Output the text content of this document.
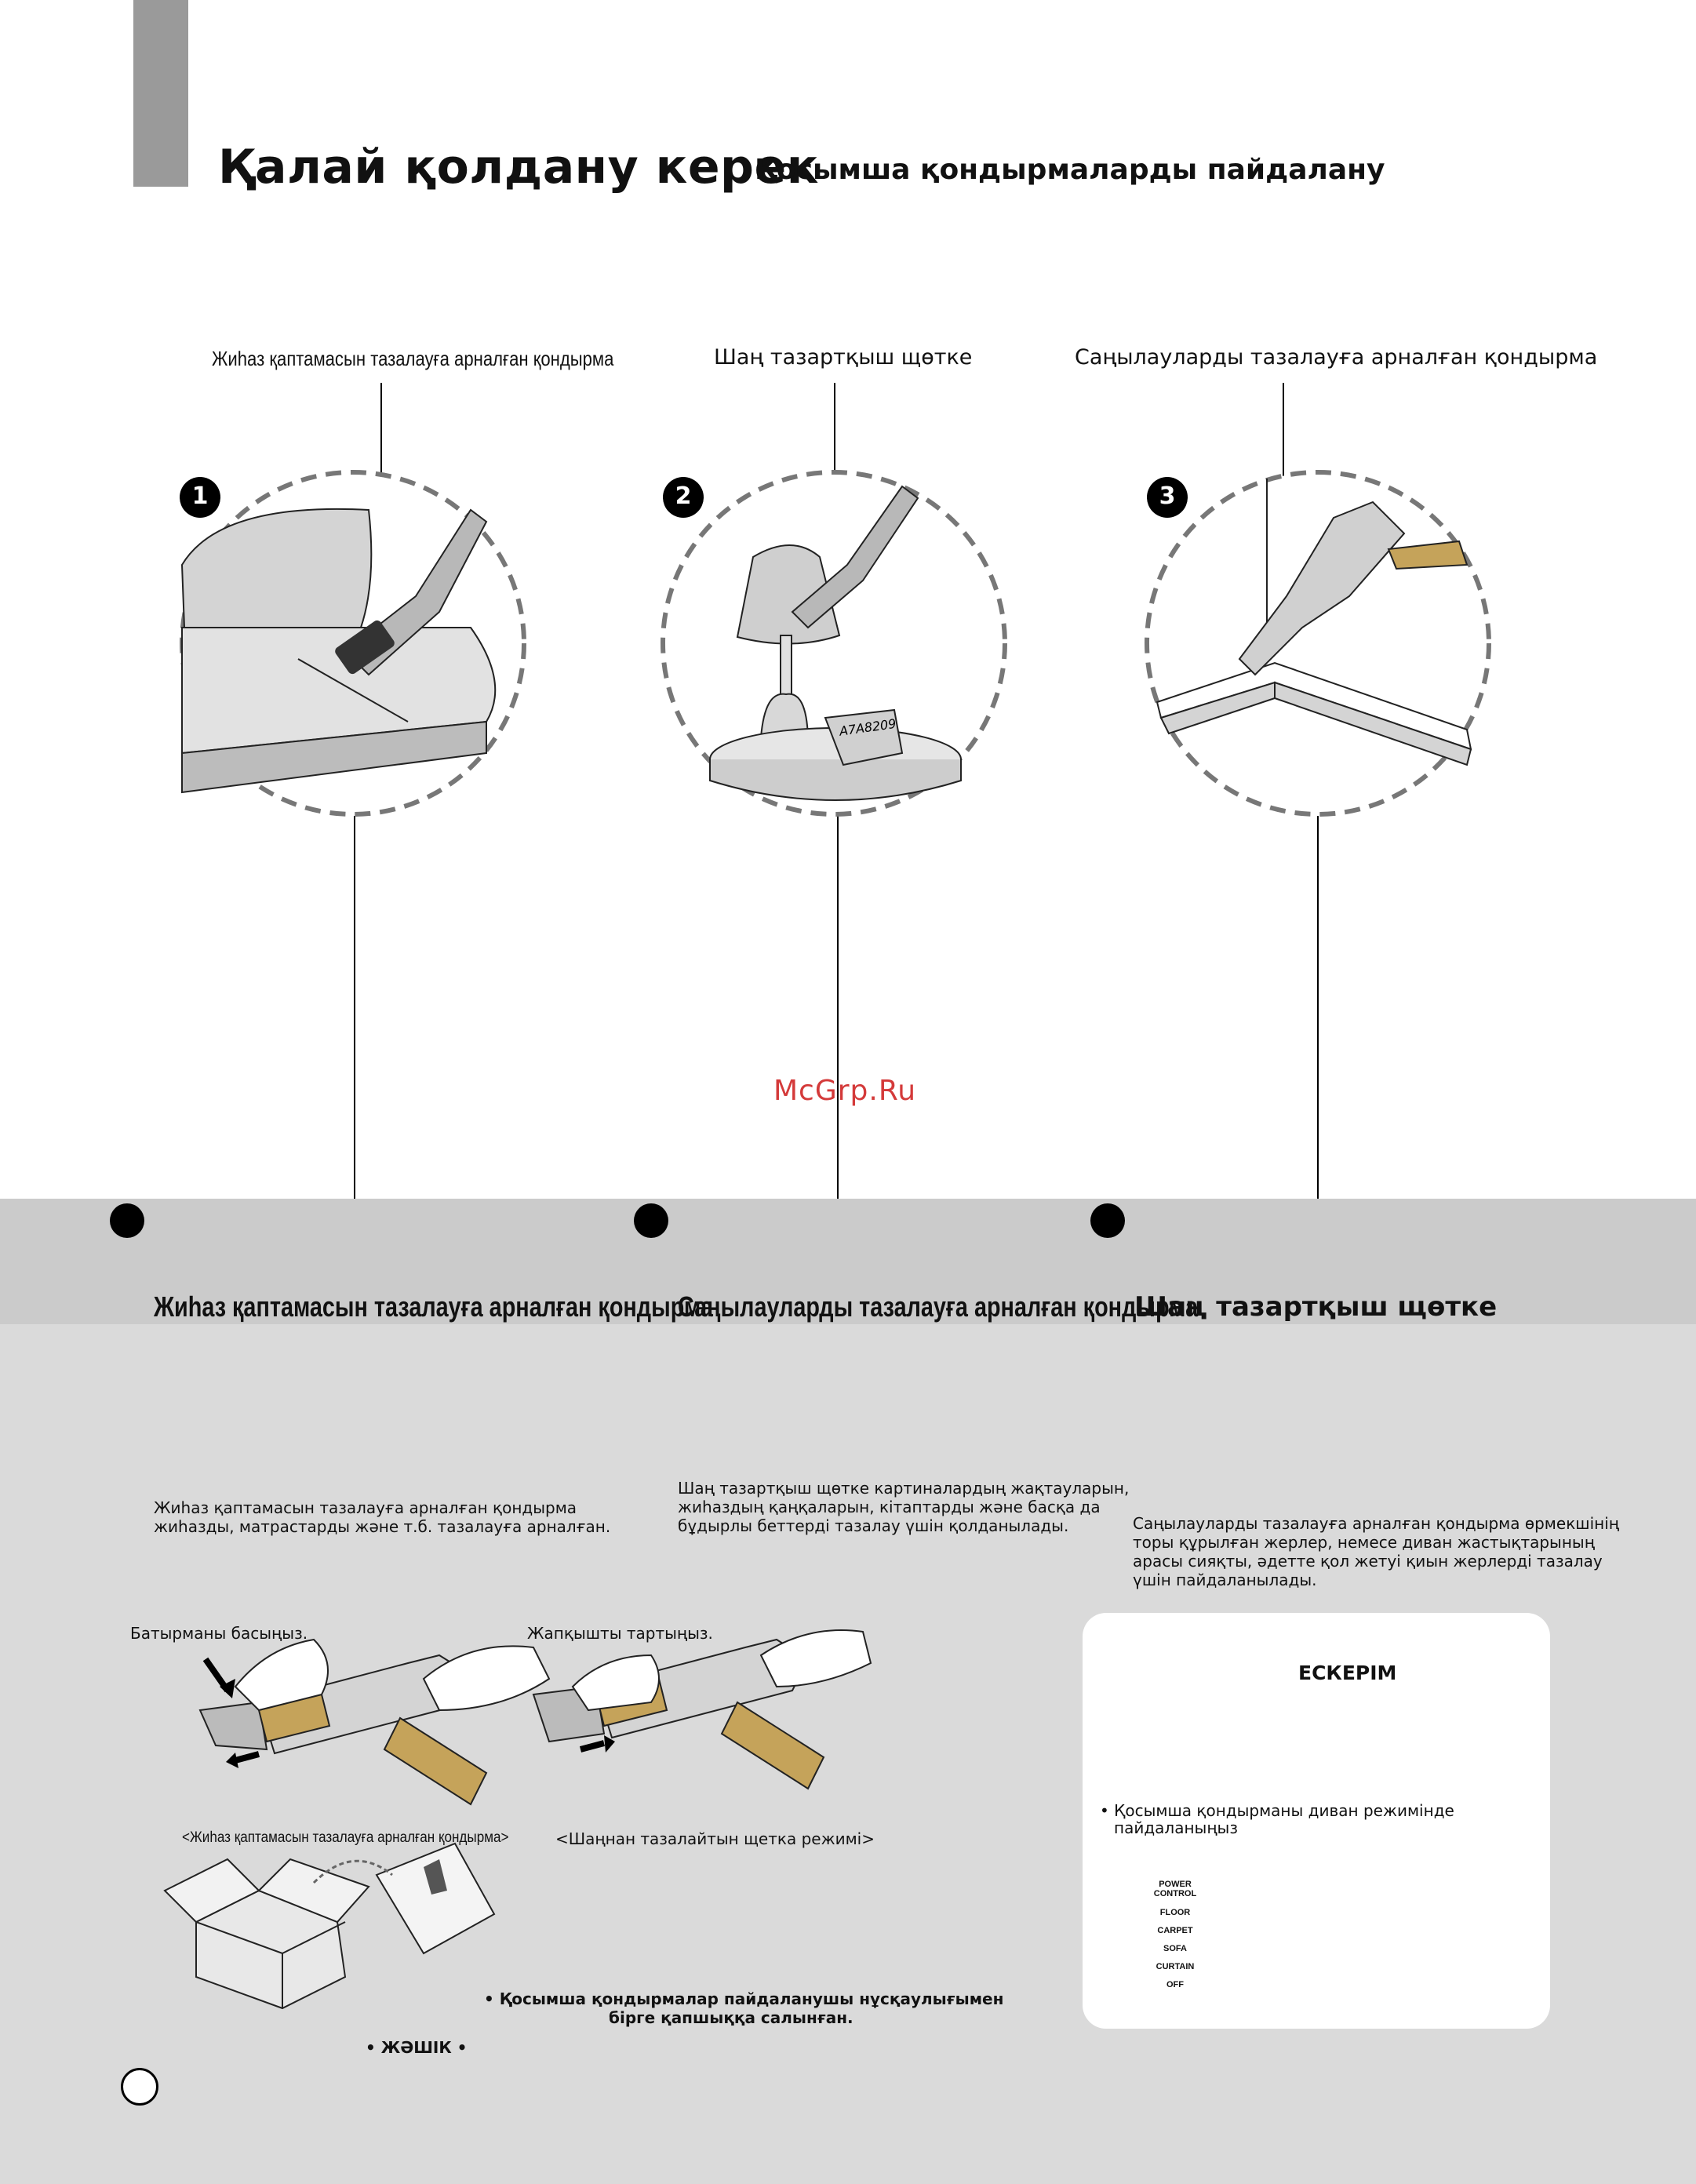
Қалай қолдану керек
Қосымша қондырмаларды пайдалану
Жиһаз қаптамасын тазалауға арналған қондырма	Шаң тазартқыш щөтке	Саңылауларды тазалауға арналған қондырма
A7A8209
1	2	3
McGrp.Ru
Жиһаз қаптамасын тазалауға арналған қондырма
Саңылауларды тазалауға арналған қондырма
Шаң тазартқыш щөтке
Жиһаз қаптамасын тазалауға арналған қондырма
жиһазды, матрастарды және т.б. тазалауға арналған.
Шаң тазартқыш щөтке картиналардың жақтауларын,
жиһаздың қаңқаларын, кітаптарды және басқа да
бұдырлы беттерді тазалау үшін қолданылады.	Саңылауларды тазалауға арналған қондырма өрмекшінің
торы құрылған жерлер, немесе диван жастықтарының
арасы сияқты, әдетте қол жетуі қиын жерлерді тазалау
үшін пайдаланылады.
Батырманы басыңыз.	Жапқышты тартыңыз.
<Жиһаз қаптамасын тазалауға арналған қондырма>	<Шаңнан тазалайтын щетка режимі>
• Қосымша қондырмалар пайдаланушы нұсқаулығымен
бірге қапшыққа салынған.
• ЖӘШІК •
ЕСКЕРІМ
• Қосымша қондырманы диван режимінде
пайдаланыңыз
POWER
CONTROL
FLOOR
CARPET
SOFA
CURTAIN
OFF
